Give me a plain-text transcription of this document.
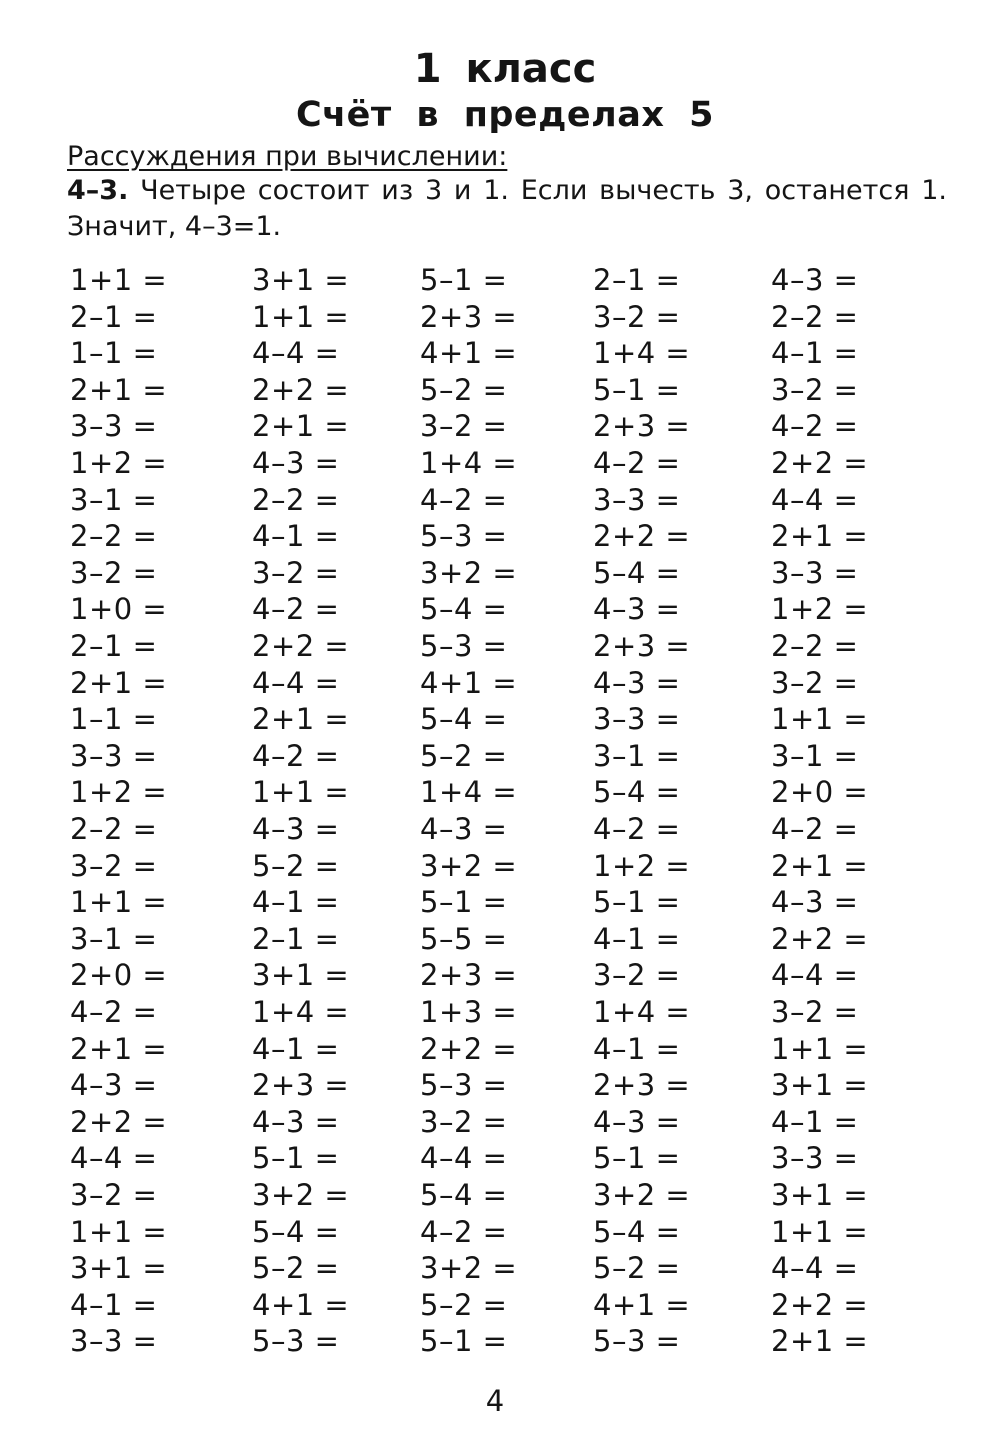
1 класс
Счёт в пределах 5
Рассуждения при вычислении:
4–3. Четыре состоит из 3 и 1. Если вычесть 3, останется 1. Значит, 4–3=1.
1+1 =
2–1 =
1–1 =
2+1 =
3–3 =
1+2 =
3–1 =
2–2 =
3–2 =
1+0 =
2–1 =
2+1 =
1–1 =
3–3 =
1+2 =
2–2 =
3–2 =
1+1 =
3–1 =
2+0 =
4–2 =
2+1 =
4–3 =
2+2 =
4–4 =
3–2 =
1+1 =
3+1 =
4–1 =
3–3 =
3+1 =
1+1 =
4–4 =
2+2 =
2+1 =
4–3 =
2–2 =
4–1 =
3–2 =
4–2 =
2+2 =
4–4 =
2+1 =
4–2 =
1+1 =
4–3 =
5–2 =
4–1 =
2–1 =
3+1 =
1+4 =
4–1 =
2+3 =
4–3 =
5–1 =
3+2 =
5–4 =
5–2 =
4+1 =
5–3 =
5–1 =
2+3 =
4+1 =
5–2 =
3–2 =
1+4 =
4–2 =
5–3 =
3+2 =
5–4 =
5–3 =
4+1 =
5–4 =
5–2 =
1+4 =
4–3 =
3+2 =
5–1 =
5–5 =
2+3 =
1+3 =
2+2 =
5–3 =
3–2 =
4–4 =
5–4 =
4–2 =
3+2 =
5–2 =
5–1 =
2–1 =
3–2 =
1+4 =
5–1 =
2+3 =
4–2 =
3–3 =
2+2 =
5–4 =
4–3 =
2+3 =
4–3 =
3–3 =
3–1 =
5–4 =
4–2 =
1+2 =
5–1 =
4–1 =
3–2 =
1+4 =
4–1 =
2+3 =
4–3 =
5–1 =
3+2 =
5–4 =
5–2 =
4+1 =
5–3 =
4–3 =
2–2 =
4–1 =
3–2 =
4–2 =
2+2 =
4–4 =
2+1 =
3–3 =
1+2 =
2–2 =
3–2 =
1+1 =
3–1 =
2+0 =
4–2 =
2+1 =
4–3 =
2+2 =
4–4 =
3–2 =
1+1 =
3+1 =
4–1 =
3–3 =
3+1 =
1+1 =
4–4 =
2+2 =
2+1 =
4
